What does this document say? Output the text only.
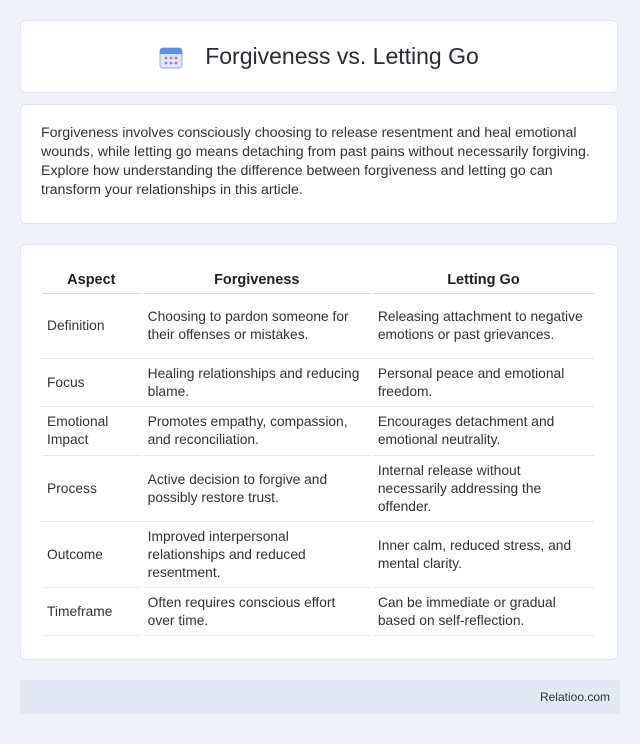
Forgiveness vs. Letting Go

Forgiveness involves consciously choosing to release resentment and heal emotional wounds, while letting go means detaching from past pains without necessarily forgiving. Explore how understanding the difference between forgiveness and letting go can transform your relationships in this article.

Aspect	Forgiveness	Letting Go
Definition	Choosing to pardon someone for their offenses or mistakes.	Releasing attachment to negative emotions or past grievances.
Focus	Healing relationships and reducing blame.	Personal peace and emotional freedom.
Emotional Impact	Promotes empathy, compassion, and reconciliation.	Encourages detachment and emotional neutrality.
Process	Active decision to forgive and possibly restore trust.	Internal release without necessarily addressing the offender.
Outcome	Improved interpersonal relationships and reduced resentment.	Inner calm, reduced stress, and mental clarity.
Timeframe	Often requires conscious effort over time.	Can be immediate or gradual based on self-reflection.
Relatioo.com
